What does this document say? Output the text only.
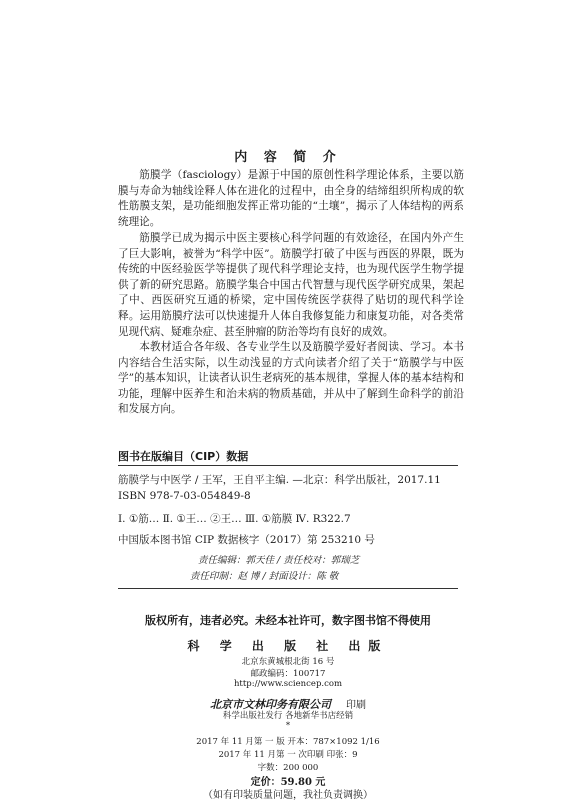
内 容 简 介

筋膜学（fasciology）是源于中国的原创性科学理论体系，主要以筋膜与寿命为轴线诠释人体在进化的过程中，由全身的结缔组织所构成的软性筋膜支架，是功能细胞发挥正常功能的“土壤”，揭示了人体结构的两系统理论。

筋膜学已成为揭示中医主要核心科学问题的有效途径，在国内外产生了巨大影响，被誉为“科学中医”。筋膜学打破了中医与西医的界限，既为传统的中医经验医学等提供了现代科学理论支持，也为现代医学生物学提供了新的研究思路。筋膜学集合中国古代智慧与现代医学研究成果，架起了中、西医研究互通的桥梁，定中国传统医学获得了贴切的现代科学诠释。运用筋膜疗法可以快速提升人体自我修复能力和康复功能，对各类常见现代病、疑难杂症、甚至肿瘤的防治等均有良好的成效。

本教材适合各年级、各专业学生以及筋膜学爱好者阅读、学习。本书内容结合生活实际，以生动浅显的方式向读者介绍了关于“筋膜学与中医学”的基本知识，让读者认识生老病死的基本规律，掌握人体的基本结构和功能，理解中医养生和治未病的物质基础，并从中了解到生命科学的前沿和发展方向。

图书在版编目（CIP）数据
筋膜学与中医学 / 王军，王自平主编. —北京：科学出版社，2017.11
ISBN 978-7-03-054849-8
Ⅰ. ①筋… Ⅱ. ①王… ②王… Ⅲ. ①筋膜 Ⅳ. R322.7
中国版本图书馆 CIP 数据核字（2017）第 253210 号
责任编辑：郭天佳 / 责任校对：郭瑞芝
责任印制：赵 博 / 封面设计：陈 敬
版权所有，违者必究。未经本社许可，数字图书馆不得使用
科 学 出 版 社 出版
北京东黄城根北街 16 号
邮政编码：100717
http://www.sciencep.com
北京市文林印务有限公司 印刷
科学出版社发行 各地新华书店经销
*
2017 年 11 月第 一 版 开本：787×1092 1/16
2017 年 11 月第 一 次印刷 印张：9
字数：200 000
定价：59.80 元
（如有印装质量问题，我社负责调换）
